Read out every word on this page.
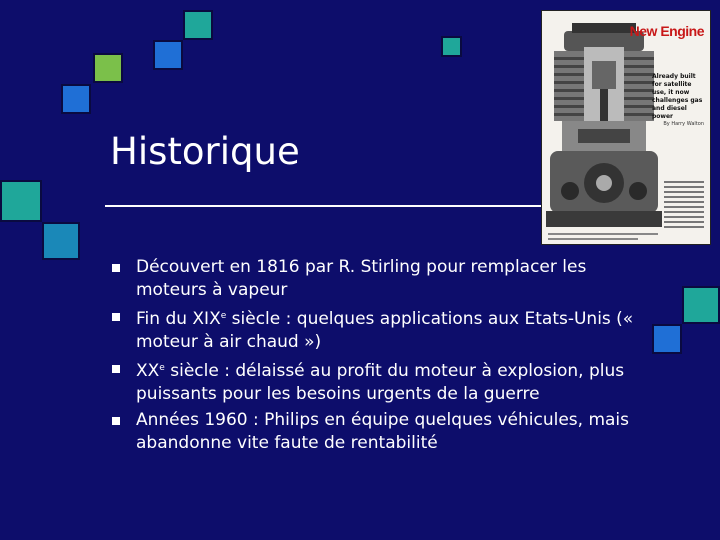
Historique
Découvert en 1816 par R. Stirling pour remplacer les moteurs à vapeur
Fin du XIXe siècle : quelques applications aux Etats-Unis (« moteur à air chaud »)
XXe siècle : délaissé au profit du moteur à explosion, plus puissants pour les besoins urgents de la guerre
Années 1960 : Philips en équipe quelques véhicules, mais abandonne vite faute de rentabilité
New Engine
Already built for satellite use, it now challenges gas and diesel power
By Harry Walton
